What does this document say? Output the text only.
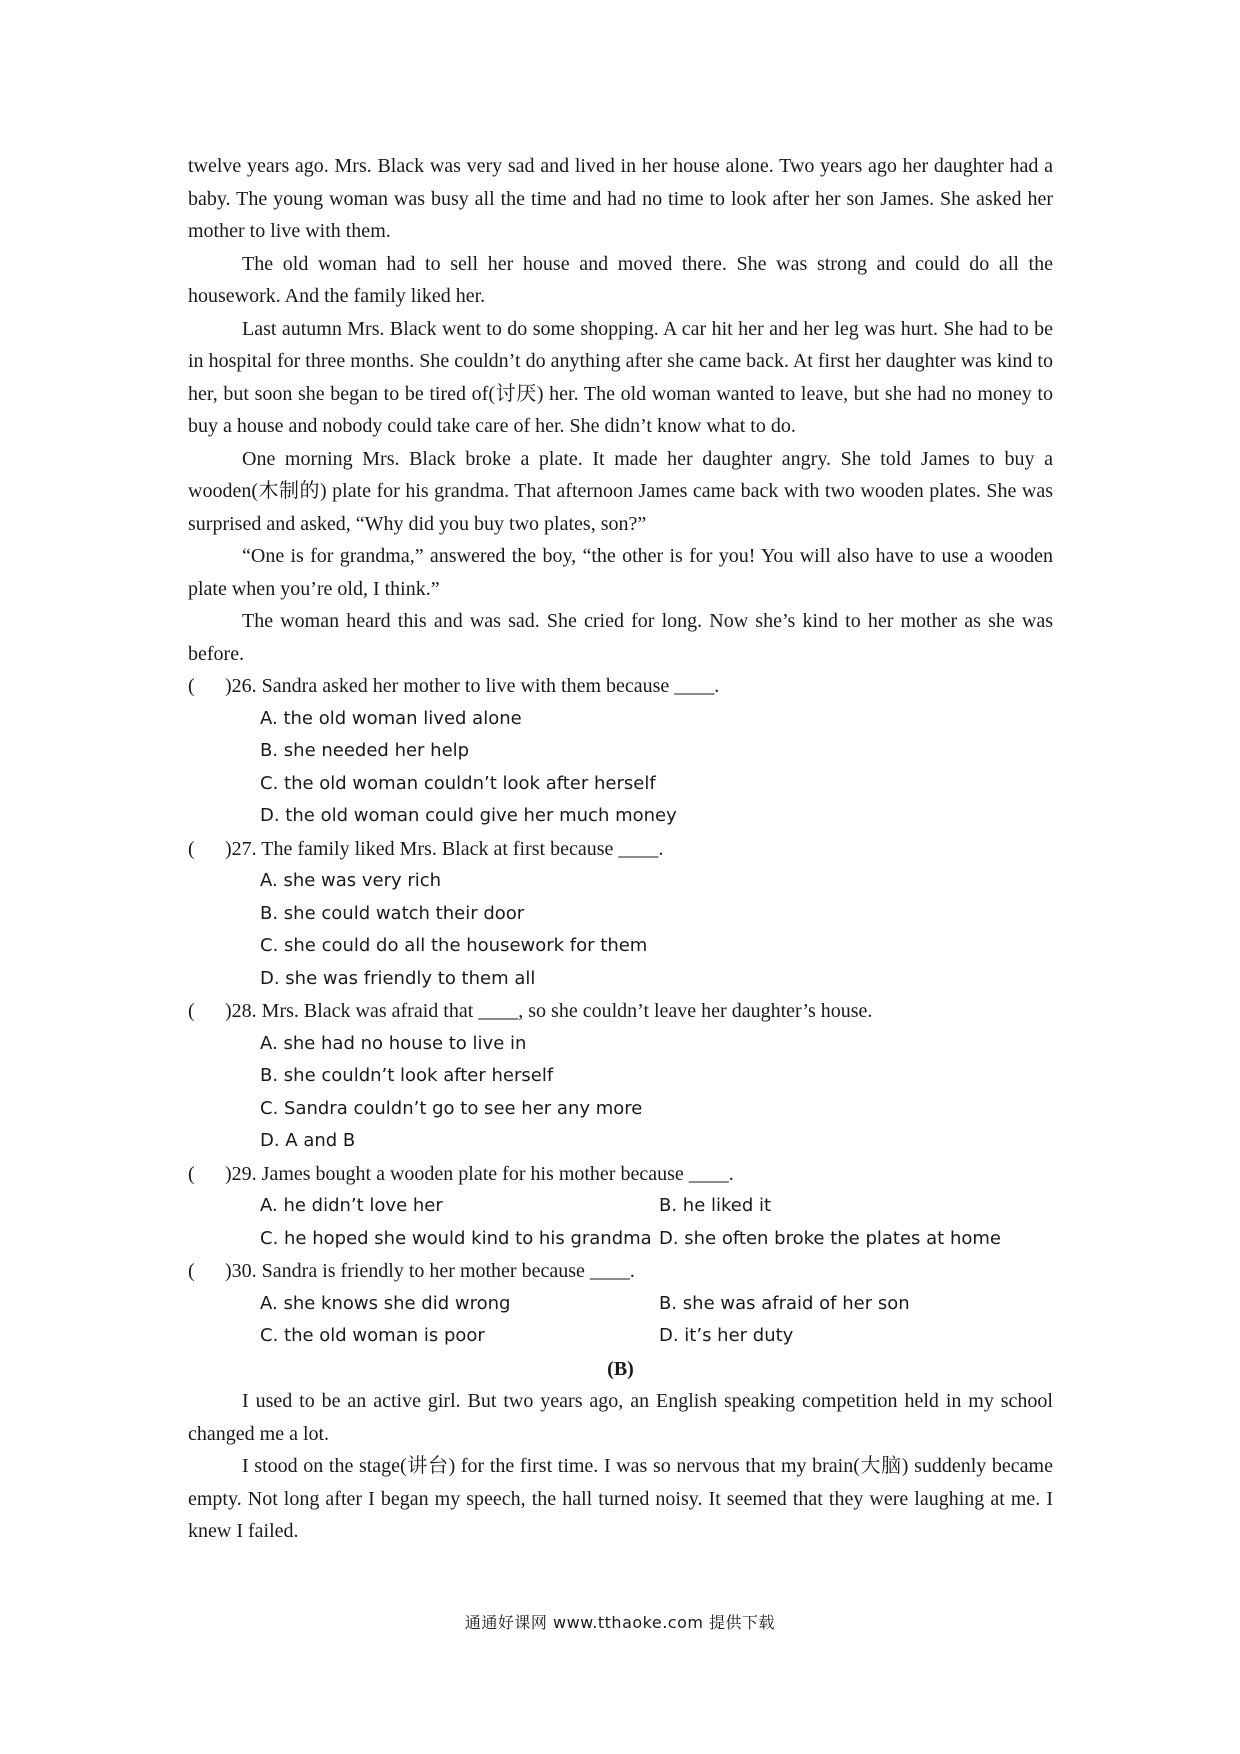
twelve years ago. Mrs. Black was very sad and lived in her house alone. Two years ago her daughter had a baby. The young woman was busy all the time and had no time to look after her son James. She asked her mother to live with them.

The old woman had to sell her house and moved there. She was strong and could do all the housework. And the family liked her.

Last autumn Mrs. Black went to do some shopping. A car hit her and her leg was hurt. She had to be in hospital for three months. She couldn’t do anything after she came back. At first her daughter was kind to her, but soon she began to be tired of(讨厌) her. The old woman wanted to leave, but she had no money to buy a house and nobody could take care of her. She didn’t know what to do.

One morning Mrs. Black broke a plate. It made her daughter angry. She told James to buy a wooden(木制的) plate for his grandma. That afternoon James came back with two wooden plates. She was surprised and asked, “Why did you buy two plates, son?”

“One is for grandma,” answered the boy, “the other is for you! You will also have to use a wooden plate when you’re old, I think.”

The woman heard this and was sad. She cried for long. Now she’s kind to her mother as she was before.

( )26. Sandra asked her mother to live with them because ____.

A. the old woman lived alone

B. she needed her help

C. the old woman couldn’t look after herself

D. the old woman could give her much money

( )27. The family liked Mrs. Black at first because ____.

A. she was very rich

B. she could watch their door

C. she could do all the housework for them

D. she was friendly to them all

( )28. Mrs. Black was afraid that ____, so she couldn’t leave her daughter’s house.

A. she had no house to live in

B. she couldn’t look after herself

C. Sandra couldn’t go to see her any more

D. A and B

( )29. James bought a wooden plate for his mother because ____.
A. he didn’t love her	B. he liked it
C. he hoped she would kind to his grandma D. she often broke the plates at home
( )30. Sandra is friendly to her mother because ____.
A. she knows she did wrong	B. she was afraid of her son
C. the old woman is poor	D. it’s her duty

(B)

I used to be an active girl. But two years ago, an English speaking competition held in my school changed me a lot.

I stood on the stage(讲台) for the first time. I was so nervous that my brain(大脑) suddenly became empty. Not long after I began my speech, the hall turned noisy. It seemed that they were laughing at me. I knew I failed.

通通好课网 www.tthaoke.com 提供下载
